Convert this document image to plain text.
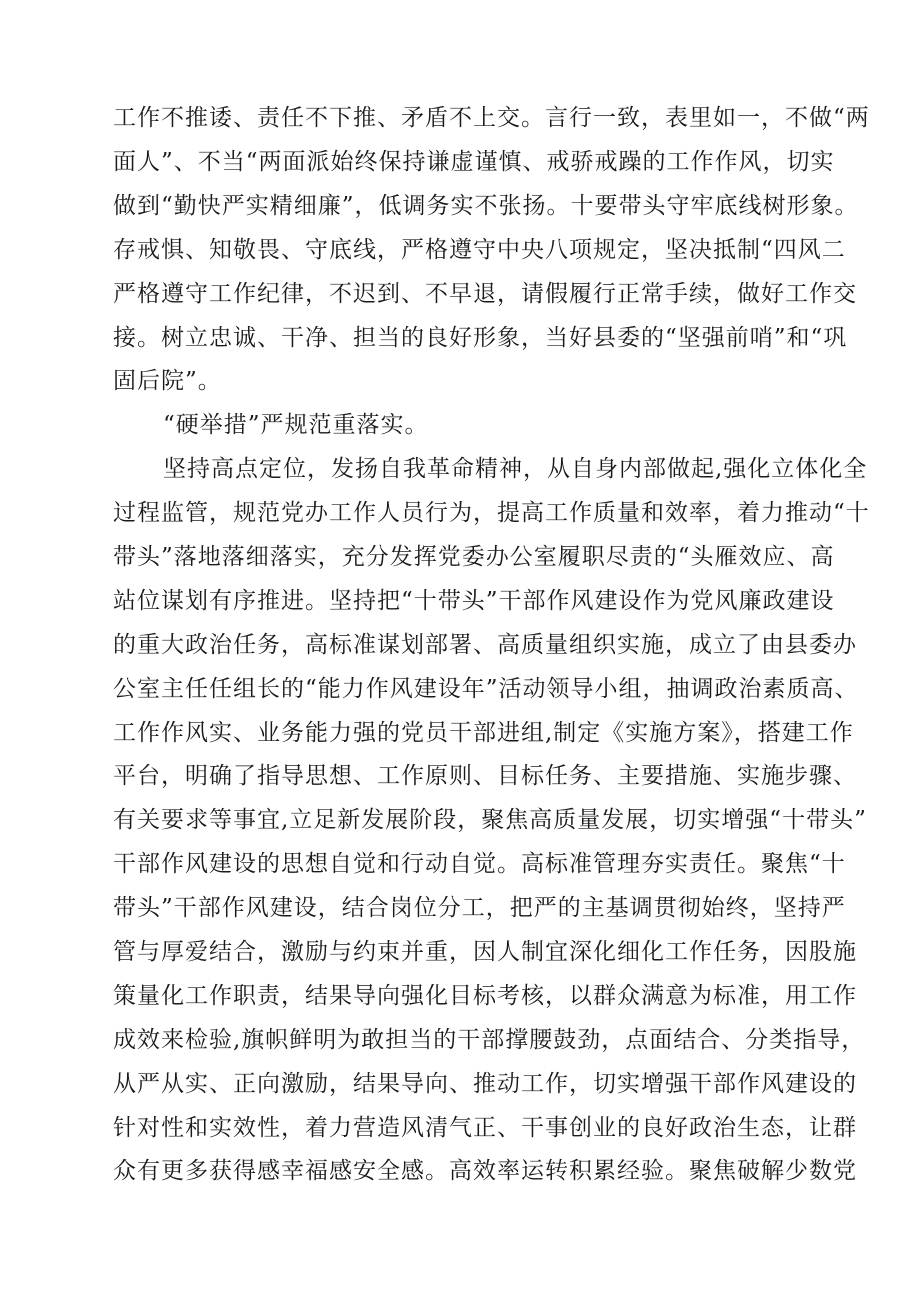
工作不推诿、责任不下推、矛盾不上交。言行一致，表里如一，不做“两
面人”、不当“两面派始终保持谦虚谨慎、戒骄戒躁的工作作风，切实
做到“勤快严实精细廉”，低调务实不张扬。十要带头守牢底线树形象。
存戒惧、知敬畏、守底线，严格遵守中央八项规定，坚决抵制“四风二
严格遵守工作纪律，不迟到、不早退，请假履行正常手续，做好工作交
接。树立忠诚、干净、担当的良好形象，当好县委的“坚强前哨”和“巩
固后院”。
“硬举措”严规范重落实。
坚持高点定位，发扬自我革命精神，从自身内部做起,强化立体化全
过程监管，规范党办工作人员行为，提高工作质量和效率，着力推动“十
带头”落地落细落实，充分发挥党委办公室履职尽责的“头雁效应、高
站位谋划有序推进。坚持把“十带头”干部作风建设作为党风廉政建设
的重大政治任务，高标准谋划部署、高质量组织实施，成立了由县委办
公室主任任组长的“能力作风建设年”活动领导小组，抽调政治素质高、
工作作风实、业务能力强的党员干部进组,制定《实施方案》，搭建工作
平台，明确了指导思想、工作原则、目标任务、主要措施、实施步骤、
有关要求等事宜,立足新发展阶段，聚焦高质量发展，切实增强“十带头”
干部作风建设的思想自觉和行动自觉。高标准管理夯实责任。聚焦“十
带头”干部作风建设，结合岗位分工，把严的主基调贯彻始终，坚持严
管与厚爱结合，激励与约束并重，因人制宜深化细化工作任务，因股施
策量化工作职责，结果导向强化目标考核，以群众满意为标准，用工作
成效来检验,旗帜鲜明为敢担当的干部撑腰鼓劲，点面结合、分类指导，
从严从实、正向激励，结果导向、推动工作，切实增强干部作风建设的
针对性和实效性，着力营造风清气正、干事创业的良好政治生态，让群
众有更多获得感幸福感安全感。高效率运转积累经验。聚焦破解少数党
